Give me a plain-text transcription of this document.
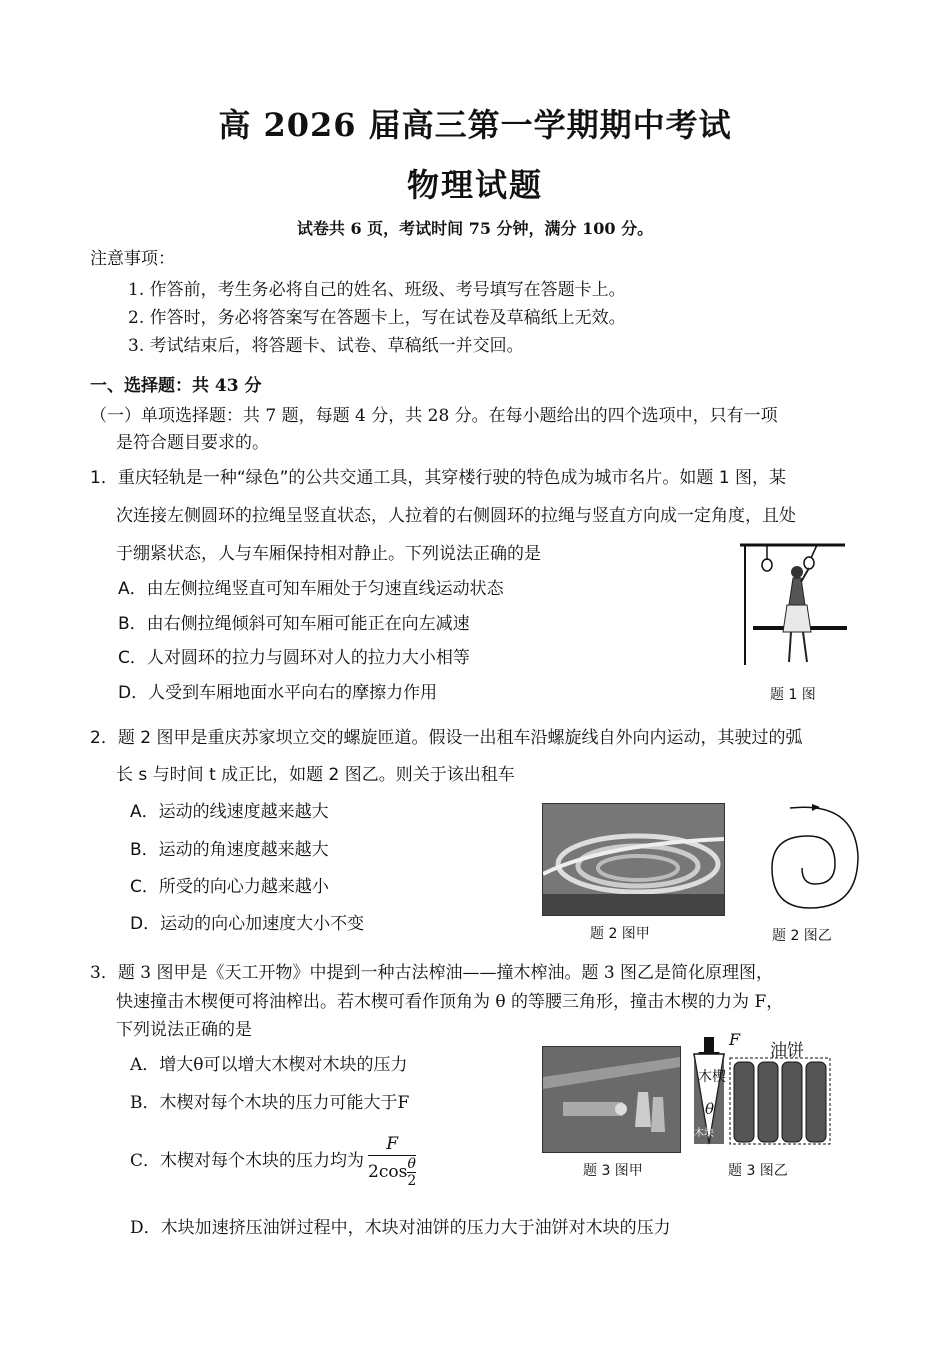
高 2026 届高三第一学期期中考试
物理试题
试卷共 6 页，考试时间 75 分钟，满分 100 分。
注意事项：
1. 作答前，考生务必将自己的姓名、班级、考号填写在答题卡上。
2. 作答时，务必将答案写在答题卡上，写在试卷及草稿纸上无效。
3. 考试结束后，将答题卡、试卷、草稿纸一并交回。
一、选择题：共 43 分
（一）单项选择题：共 7 题，每题 4 分，共 28 分。在每小题给出的四个选项中，只有一项
是符合题目要求的。
1．重庆轻轨是一种“绿色”的公共交通工具，其穿楼行驶的特色成为城市名片。如题 1 图，某
次连接左侧圆环的拉绳呈竖直状态，人拉着的右侧圆环的拉绳与竖直方向成一定角度，且处
于绷紧状态，人与车厢保持相对静止。下列说法正确的是
A．由左侧拉绳竖直可知车厢处于匀速直线运动状态
B．由右侧拉绳倾斜可知车厢可能正在向左减速
C．人对圆环的拉力与圆环对人的拉力大小相等
D．人受到车厢地面水平向右的摩擦力作用	题 1 图
2．题 2 图甲是重庆苏家坝立交的螺旋匝道。假设一出租车沿螺旋线自外向内运动，其驶过的弧
长 s 与时间 t 成正比，如题 2 图乙。则关于该出租车
A．运动的线速度越来越大
B．运动的角速度越来越大
C．所受的向心力越来越小
D．运动的向心加速度大小不变	题 2 图甲	题 2 图乙
3．题 3 图甲是《天工开物》中提到一种古法榨油——撞木榨油。题 3 图乙是简化原理图，
快速撞击木楔便可将油榨出。若木楔可看作顶角为 θ 的等腰三角形，撞击木楔的力为 F，
下列说法正确的是
A．增大θ可以增大木楔对木块的压力
B．木楔对每个木块的压力可能大于F
C．木楔对每个木块的压力均为 $\frac{F}{2\cos \frac{\theta}{2}}$
D．木块加速挤压油饼过程中，木块对油饼的压力大于油饼对木块的压力
F
油饼
木楔
θ
木块
题 3 图甲	题 3 图乙
